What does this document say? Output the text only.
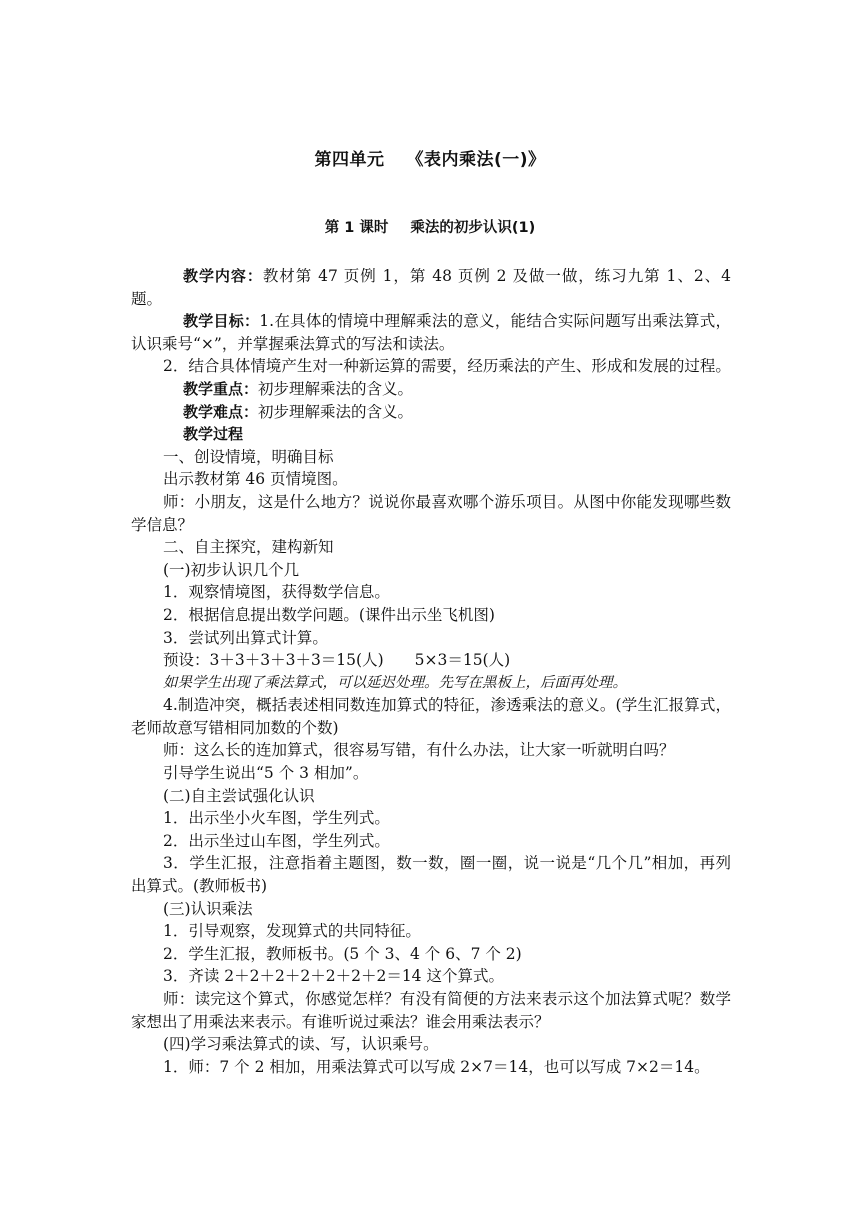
第四单元 《表内乘法(一)》
第 1 课时 乘法的初步认识(1)

教学内容：教材第 47 页例 1，第 48 页例 2 及做一做，练习九第 1、2、4 题。

教学目标：1.在具体的情境中理解乘法的意义，能结合实际问题写出乘法算式，认识乘号“×”，并掌握乘法算式的写法和读法。

2．结合具体情境产生对一种新运算的需要，经历乘法的产生、形成和发展的过程。

教学重点：初步理解乘法的含义。

教学难点：初步理解乘法的含义。

教学过程

一、创设情境，明确目标

出示教材第 46 页情境图。

师：小朋友，这是什么地方？说说你最喜欢哪个游乐项目。从图中你能发现哪些数学信息？

二、自主探究，建构新知

(一)初步认识几个几

1．观察情境图，获得数学信息。

2．根据信息提出数学问题。(课件出示坐飞机图)

3．尝试列出算式计算。

预设：3＋3＋3＋3＋3＝15(人)　　5×3＝15(人)

如果学生出现了乘法算式，可以延迟处理。先写在黑板上，后面再处理。

4.制造冲突，概括表述相同数连加算式的特征，渗透乘法的意义。(学生汇报算式，老师故意写错相同加数的个数)

师：这么长的连加算式，很容易写错，有什么办法，让大家一听就明白吗？

引导学生说出“5 个 3 相加”。

(二)自主尝试强化认识

1．出示坐小火车图，学生列式。

2．出示坐过山车图，学生列式。

3．学生汇报，注意指着主题图，数一数，圈一圈，说一说是“几个几”相加，再列出算式。(教师板书)

(三)认识乘法

1．引导观察，发现算式的共同特征。

2．学生汇报，教师板书。(5 个 3、4 个 6、7 个 2)

3．齐读 2＋2＋2＋2＋2＋2＋2＝14 这个算式。

师：读完这个算式，你感觉怎样？有没有简便的方法来表示这个加法算式呢？数学家想出了用乘法来表示。有谁听说过乘法？谁会用乘法表示？

(四)学习乘法算式的读、写，认识乘号。

1．师：7 个 2 相加，用乘法算式可以写成 2×7＝14，也可以写成 7×2＝14。
